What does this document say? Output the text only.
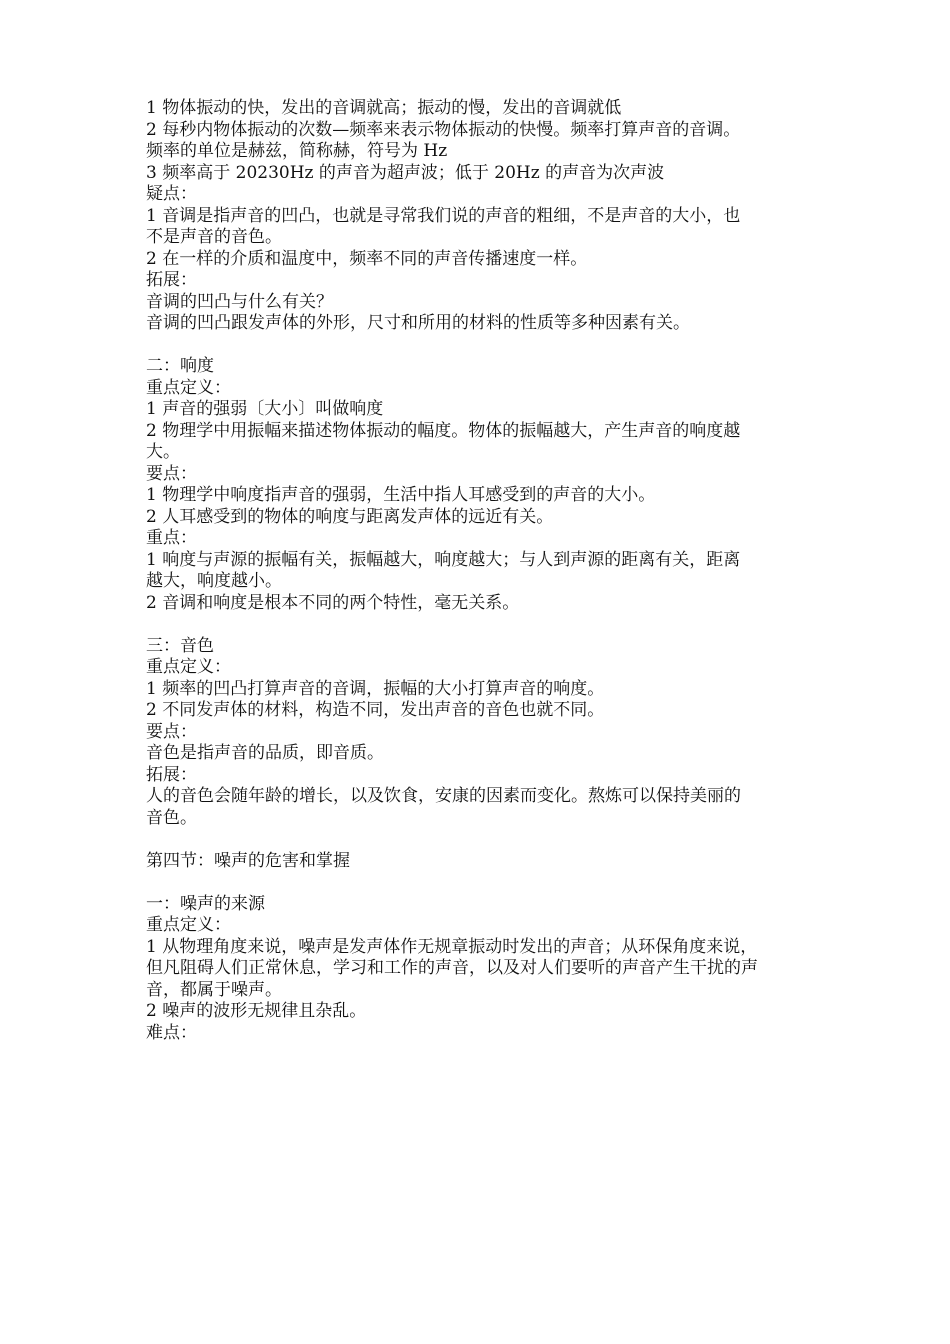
1 物体振动的快，发出的音调就高；振动的慢，发出的音调就低

2 每秒内物体振动的次数—频率来表示物体振动的快慢。频率打算声音的音调。

频率的单位是赫兹，简称赫，符号为 Hz

3 频率高于 20230Hz 的声音为超声波；低于 20Hz 的声音为次声波

疑点：

1 音调是指声音的凹凸，也就是寻常我们说的声音的粗细，不是声音的大小，也

不是声音的音色。

2 在一样的介质和温度中，频率不同的声音传播速度一样。

拓展：

音调的凹凸与什么有关？

音调的凹凸跟发声体的外形，尺寸和所用的材料的性质等多种因素有关。

二：响度

重点定义：

1 声音的强弱〔大小〕叫做响度

2 物理学中用振幅来描述物体振动的幅度。物体的振幅越大，产生声音的响度越

大。

要点：

1 物理学中响度指声音的强弱，生活中指人耳感受到的声音的大小。

2 人耳感受到的物体的响度与距离发声体的远近有关。

重点：

1 响度与声源的振幅有关，振幅越大，响度越大；与人到声源的距离有关，距离

越大，响度越小。

2 音调和响度是根本不同的两个特性，毫无关系。

三：音色

重点定义：

1 频率的凹凸打算声音的音调，振幅的大小打算声音的响度。

2 不同发声体的材料，构造不同，发出声音的音色也就不同。

要点：

音色是指声音的品质，即音质。

拓展：

人的音色会随年龄的增长，以及饮食，安康的因素而变化。熬炼可以保持美丽的

音色。

第四节：噪声的危害和掌握

一：噪声的来源

重点定义：

1 从物理角度来说，噪声是发声体作无规章振动时发出的声音；从环保角度来说，

但凡阻碍人们正常休息，学习和工作的声音，以及对人们要听的声音产生干扰的声

音，都属于噪声。

2 噪声的波形无规律且杂乱。

难点：
